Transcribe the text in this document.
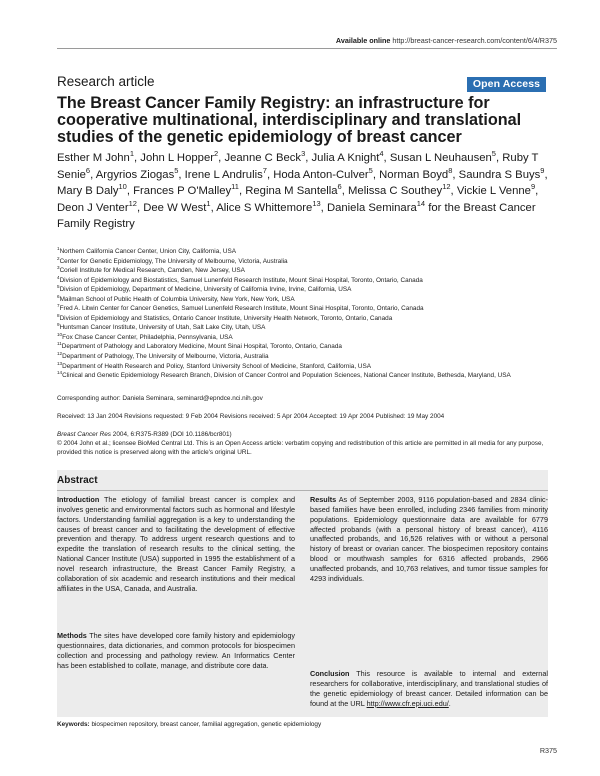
Available online http://breast-cancer-research.com/content/6/4/R375
Research article	Open Access
The Breast Cancer Family Registry: an infrastructure for cooperative multinational, interdisciplinary and translational studies of the genetic epidemiology of breast cancer
Esther M John$^1$, John L Hopper$^2$, Jeanne C Beck$^3$, Julia A Knight$^4$, Susan L Neuhausen$^5$, Ruby T Senie$^6$, Argyrios Ziogas$^5$, Irene L Andrulis$^7$, Hoda Anton-Culver$^5$, Norman Boyd$^8$, Saundra S Buys$^9$, Mary B Daly$^{10}$, Frances P O'Malley$^{11}$, Regina M Santella$^6$, Melissa C Southey$^{12}$, Vickie L Venne$^9$, Deon J Venter$^{12}$, Dee W West$^1$, Alice S Whittemore$^{13}$, Daniela Seminara$^{14}$ for the Breast Cancer Family Registry
$^1$Northern California Cancer Center, Union City, California, USA
$^2$Center for Genetic Epidemiology, The University of Melbourne, Victoria, Australia
$^3$Coriell Institute for Medical Research, Camden, New Jersey, USA
$^4$Division of Epidemiology and Biostatistics, Samuel Lunenfeld Research Institute, Mount Sinai Hospital, Toronto, Ontario, Canada
$^5$Division of Epidemiology, Department of Medicine, University of California Irvine, Irvine, California, USA
$^6$Mailman School of Public Health of Columbia University, New York, New York, USA
$^7$Fred A. Litwin Center for Cancer Genetics, Samuel Lunenfeld Research Institute, Mount Sinai Hospital, Toronto, Ontario, Canada
$^8$Division of Epidemiology and Statistics, Ontario Cancer Institute, University Health Network, Toronto, Ontario, Canada
$^9$Huntsman Cancer Institute, University of Utah, Salt Lake City, Utah, USA
$^{10}$Fox Chase Cancer Center, Philadelphia, Pennsylvania, USA
$^{11}$Department of Pathology and Laboratory Medicine, Mount Sinai Hospital, Toronto, Ontario, Canada
$^{12}$Department of Pathology, The University of Melbourne, Victoria, Australia
$^{13}$Department of Health Research and Policy, Stanford University School of Medicine, Stanford, California, USA
$^{14}$Clinical and Genetic Epidemiology Research Branch, Division of Cancer Control and Population Sciences, National Cancer Institute, Bethesda, Maryland, USA
Corresponding author: Daniela Seminara, seminard@epndce.nci.nih.gov
Received: 13 Jan 2004 Revisions requested: 9 Feb 2004 Revisions received: 5 Apr 2004 Accepted: 19 Apr 2004 Published: 19 May 2004
Breast Cancer Res 2004, 6:R375-R389 (DOI 10.1186/bcr801)
© 2004 John et al.; licensee BioMed Central Ltd. This is an Open Access article: verbatim copying and redistribution of this article are permitted in all media for any purpose, provided this notice is preserved along with the article's original URL.
Abstract
Introduction The etiology of familial breast cancer is complex and involves genetic and environmental factors such as hormonal and lifestyle factors. Understanding familial aggregation is a key to understanding the causes of breast cancer and to facilitating the development of effective prevention and therapy. To address urgent research questions and to expedite the translation of research results to the clinical setting, the National Cancer Institute (USA) supported in 1995 the establishment of a novel research infrastructure, the Breast Cancer Family Registry, a collaboration of six academic and research institutions and their medical affiliates in the USA, Canada, and Australia.
Methods The sites have developed core family history and epidemiology questionnaires, data dictionaries, and common protocols for biospecimen collection and processing and pathology review. An Informatics Center has been established to collate, manage, and distribute core data.
Results As of September 2003, 9116 population-based and 2834 clinic-based families have been enrolled, including 2346 families from minority populations. Epidemiology questionnaire data are available for 6779 affected probands (with a personal history of breast cancer), 4116 unaffected probands, and 16,526 relatives with or without a personal history of breast or ovarian cancer. The biospecimen repository contains blood or mouthwash samples for 6316 affected probands, 2966 unaffected probands, and 10,763 relatives, and tumor tissue samples for 4293 individuals.
Conclusion This resource is available to internal and external researchers for collaborative, interdisciplinary, and translational studies of the genetic epidemiology of breast cancer. Detailed information can be found at the URL http://www.cfr.epi.uci.edu/.
Keywords: biospecimen repository, breast cancer, familial aggregation, genetic epidemiology
R375
